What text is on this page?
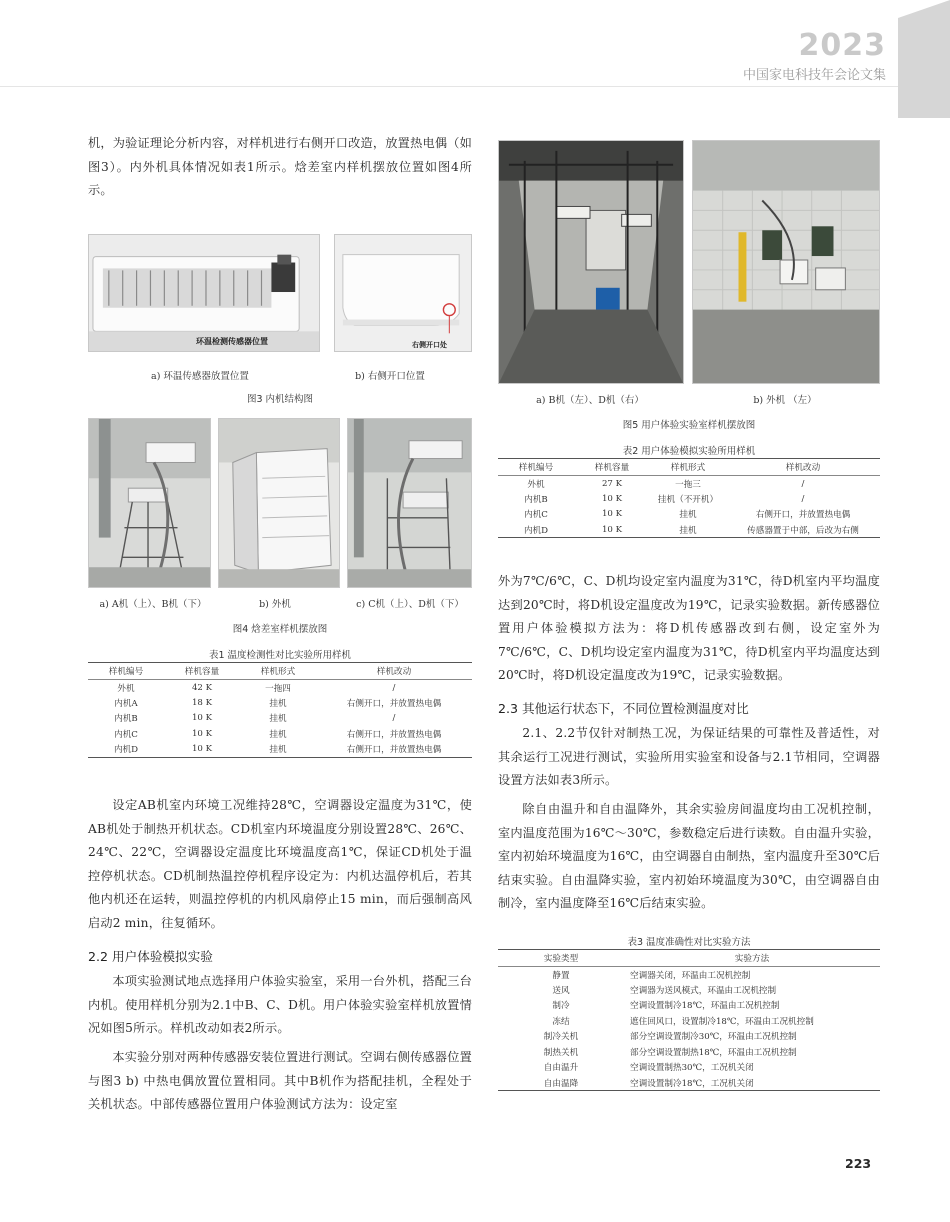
2023
中国家电科技年会论文集
机，为验证理论分析内容，对样机进行右侧开口改造，放置热电偶（如图3）。内外机具体情况如表1所示。焓差室内样机摆放位置如图4所示。
环温检测传感器位置	右侧开口处
a) 环温传感器放置位置	b) 右侧开口位置
图3 内机结构图
a) A机（上）、B机（下）	b) 外机	c) C机（上）、D机（下）
图4 焓差室样机摆放图
表1 温度检测性对比实验所用样机
样机编号	样机容量	样机形式	样机改动
外机	42 K	一拖四	/
内机A	18 K	挂机	右侧开口，并放置热电偶
内机B	10 K	挂机	/
内机C	10 K	挂机	右侧开口，并放置热电偶
内机D	10 K	挂机	右侧开口，并放置热电偶
设定AB机室内环境工况维持28℃，空调器设定温度为31℃，使AB机处于制热开机状态。CD机室内环境温度分别设置28℃、26℃、24℃、22℃，空调器设定温度比环境温度高1℃，保证CD机处于温控停机状态。CD机制热温控停机程序设定为：内机达温停机后，若其他内机还在运转，则温控停机的内机风扇停止15 min，而后强制高风启动2 min，往复循环。
2.2 用户体验模拟实验
本项实验测试地点选择用户体验实验室，采用一台外机，搭配三台内机。使用样机分别为2.1中B、C、D机。用户体验实验室样机放置情况如图5所示。样机改动如表2所示。
本实验分别对两种传感器安装位置进行测试。空调右侧传感器位置与图3 b) 中热电偶放置位置相同。其中B机作为搭配挂机，全程处于关机状态。中部传感器位置用户体验测试方法为：设定室
a) B机（左）、D机（右）	b) 外机 （左）
图5 用户体验实验室样机摆放图
表2 用户体验模拟实验所用样机
样机编号	样机容量	样机形式	样机改动
外机	27 K	一拖三	/
内机B	10 K	挂机（不开机）	/
内机C	10 K	挂机	右侧开口，并放置热电偶
内机D	10 K	挂机	传感器置于中部，后改为右侧
外为7℃/6℃，C、D机均设定室内温度为31℃，待D机室内平均温度达到20℃时，将D机设定温度改为19℃，记录实验数据。新传感器位置用户体验模拟方法为：将D机传感器改到右侧，设定室外为7℃/6℃，C、D机均设定室内温度为31℃，待D机室内平均温度达到20℃时，将D机设定温度改为19℃，记录实验数据。
2.3 其他运行状态下，不同位置检测温度对比
2.1、2.2节仅针对制热工况，为保证结果的可靠性及普适性，对其余运行工况进行测试，实验所用实验室和设备与2.1节相同，空调器设置方法如表3所示。
除自由温升和自由温降外，其余实验房间温度均由工况机控制，室内温度范围为16℃～30℃，参数稳定后进行读数。自由温升实验，室内初始环境温度为16℃，由空调器自由制热，室内温度升至30℃后结束实验。自由温降实验，室内初始环境温度为30℃，由空调器自由制冷，室内温度降至16℃后结束实验。
表3 温度准确性对比实验方法
实验类型	实验方法
静置	空调器关闭，环温由工况机控制
送风	空调器为送风模式，环温由工况机控制
制冷	空调设置制冷18℃，环温由工况机控制
冻结	遮住回风口，设置制冷18℃，环温由工况机控制
制冷关机	部分空调设置制冷30℃，环温由工况机控制
制热关机	部分空调设置制热18℃，环温由工况机控制
自由温升	空调设置制热30℃，工况机关闭
自由温降	空调设置制冷18℃，工况机关闭
223
